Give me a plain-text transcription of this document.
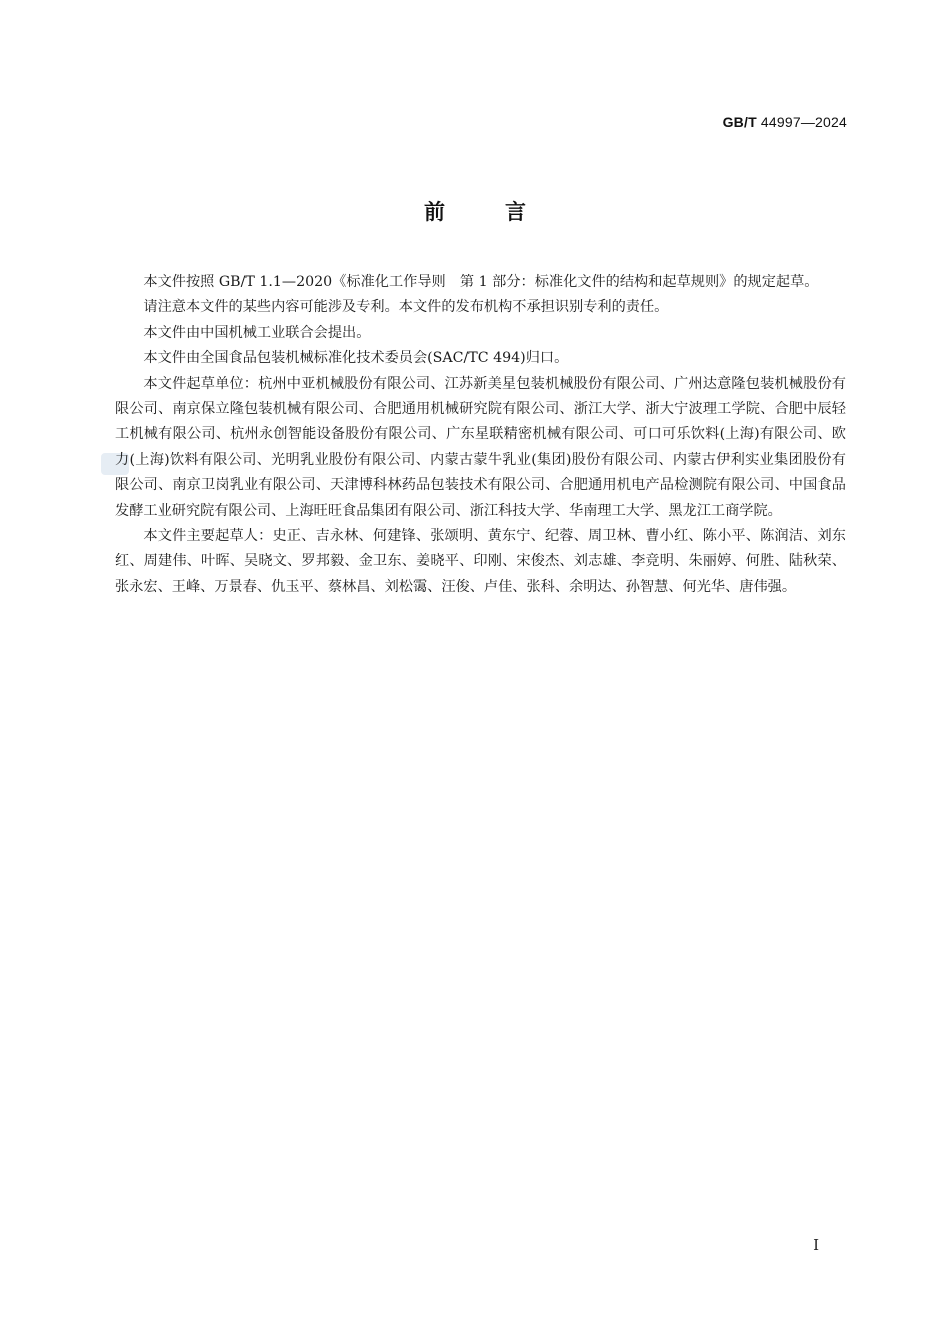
GB/T 44997—2024
前言

本文件按照 GB/T 1.1—2020《标准化工作导则　第 1 部分：标准化文件的结构和起草规则》的规定起草。

请注意本文件的某些内容可能涉及专利。本文件的发布机构不承担识别专利的责任。

本文件由中国机械工业联合会提出。

本文件由全国食品包装机械标准化技术委员会(SAC/TC 494)归口。

本文件起草单位：杭州中亚机械股份有限公司、江苏新美星包装机械股份有限公司、广州达意隆包装机械股份有限公司、南京保立隆包装机械有限公司、合肥通用机械研究院有限公司、浙江大学、浙大宁波理工学院、合肥中辰轻工机械有限公司、杭州永创智能设备股份有限公司、广东星联精密机械有限公司、可口可乐饮料(上海)有限公司、欧力(上海)饮料有限公司、光明乳业股份有限公司、内蒙古蒙牛乳业(集团)股份有限公司、内蒙古伊利实业集团股份有限公司、南京卫岗乳业有限公司、天津博科林药品包装技术有限公司、合肥通用机电产品检测院有限公司、中国食品发酵工业研究院有限公司、上海旺旺食品集团有限公司、浙江科技大学、华南理工大学、黑龙江工商学院。

本文件主要起草人：史正、吉永林、何建锋、张颂明、黄东宁、纪蓉、周卫林、曹小红、陈小平、陈润洁、刘东红、周建伟、叶晖、吴晓文、罗邦毅、金卫东、姜晓平、印刚、宋俊杰、刘志雄、李竞明、朱丽婷、何胜、陆秋荣、张永宏、王峰、万景春、仇玉平、蔡林昌、刘松霭、汪俊、卢佳、张科、余明达、孙智慧、何光华、唐伟强。

I
